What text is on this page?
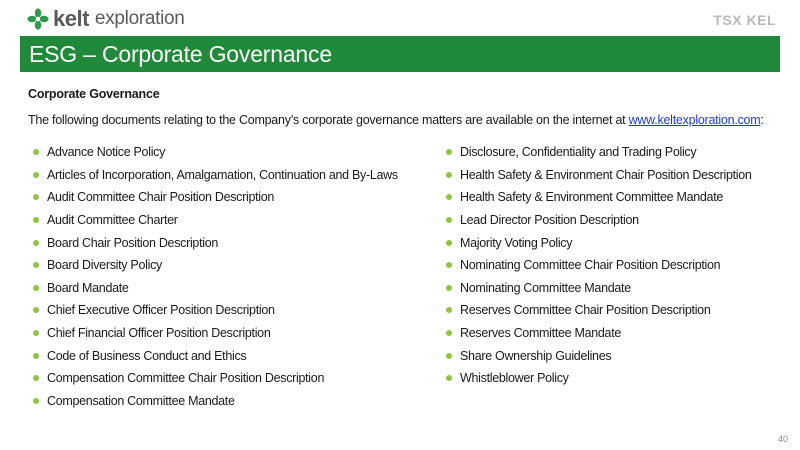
kelt exploration	TSX KEL
ESG – Corporate Governance
Corporate Governance
The following documents relating to the Company’s corporate governance matters are available on the internet at www.keltexploration.com:
Advance Notice Policy
Articles of Incorporation, Amalgamation, Continuation and By-Laws
Audit Committee Chair Position Description
Audit Committee Charter
Board Chair Position Description
Board Diversity Policy
Board Mandate
Chief Executive Officer Position Description
Chief Financial Officer Position Description
Code of Business Conduct and Ethics
Compensation Committee Chair Position Description
Compensation Committee Mandate
Disclosure, Confidentiality and Trading Policy
Health Safety & Environment Chair Position Description
Health Safety & Environment Committee Mandate
Lead Director Position Description
Majority Voting Policy
Nominating Committee Chair Position Description
Nominating Committee Mandate
Reserves Committee Chair Position Description
Reserves Committee Mandate
Share Ownership Guidelines
Whistleblower Policy
40
